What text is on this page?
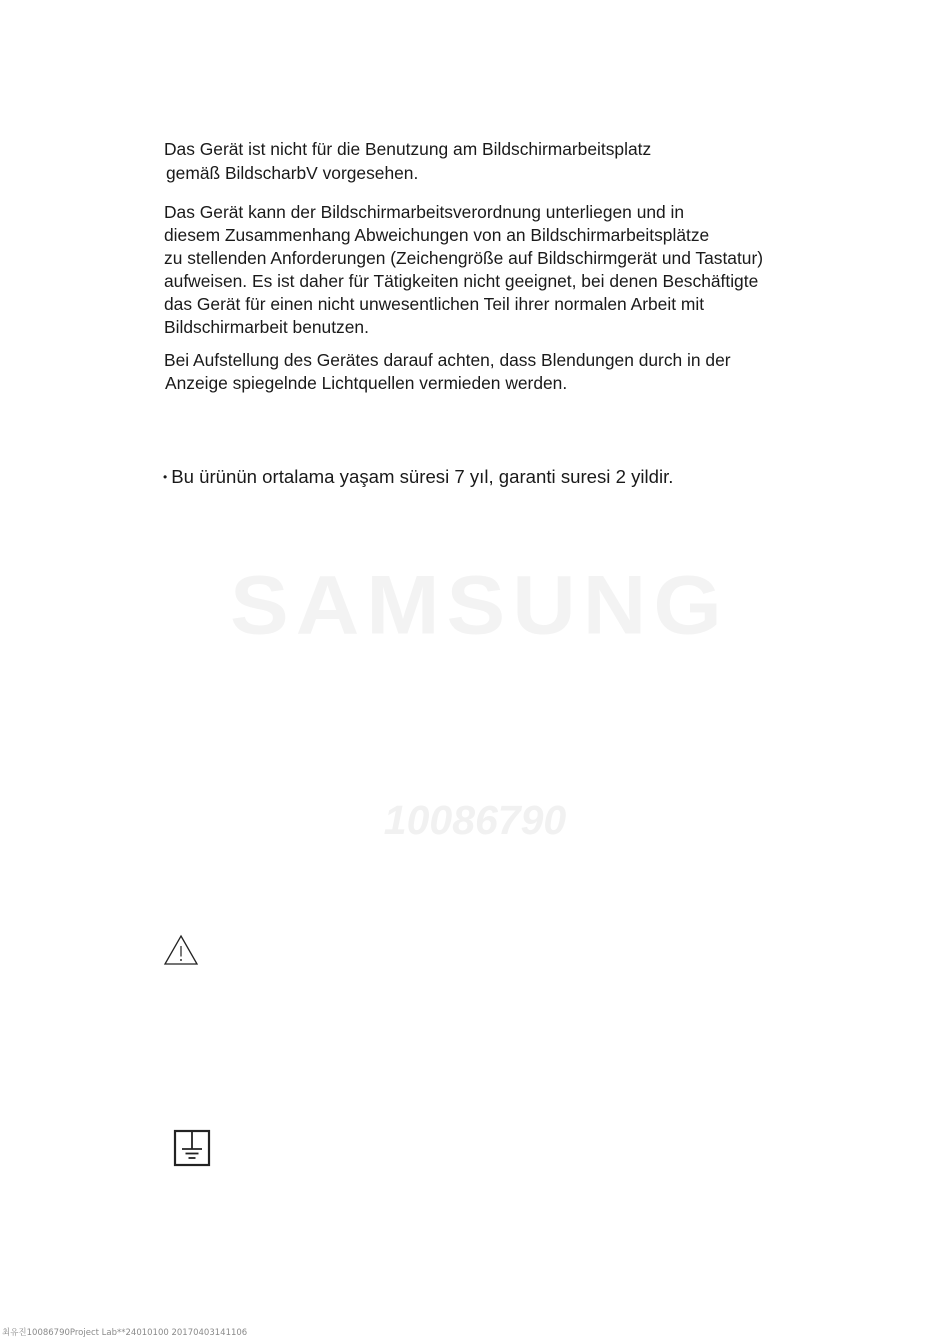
SAMSUNG
10086790

Das Gerät ist nicht für die Benutzung am Bildschirmarbeitsplatz
gemäß BildscharbV vorgesehen.

Das Gerät kann der Bildschirmarbeitsverordnung unterliegen und in
diesem Zusammenhang Abweichungen von an Bildschirmarbeitsplätze
zu stellenden Anforderungen (Zeichengröße auf Bildschirmgerät und Tastatur)
aufweisen. Es ist daher für Tätigkeiten nicht geeignet, bei denen Beschäftigte
das Gerät für einen nicht unwesentlichen Teil ihrer normalen Arbeit mit
Bildschirmarbeit benutzen.

Bei Aufstellung des Gerätes darauf achten, dass Blendungen durch in der
Anzeige spiegelnde Lichtquellen vermieden werden.

• Bu ürünün ortalama yaşam süresi 7 yıl, garanti suresi 2 yildir.

최유진10086790Project Lab**24010100 20170403141106
